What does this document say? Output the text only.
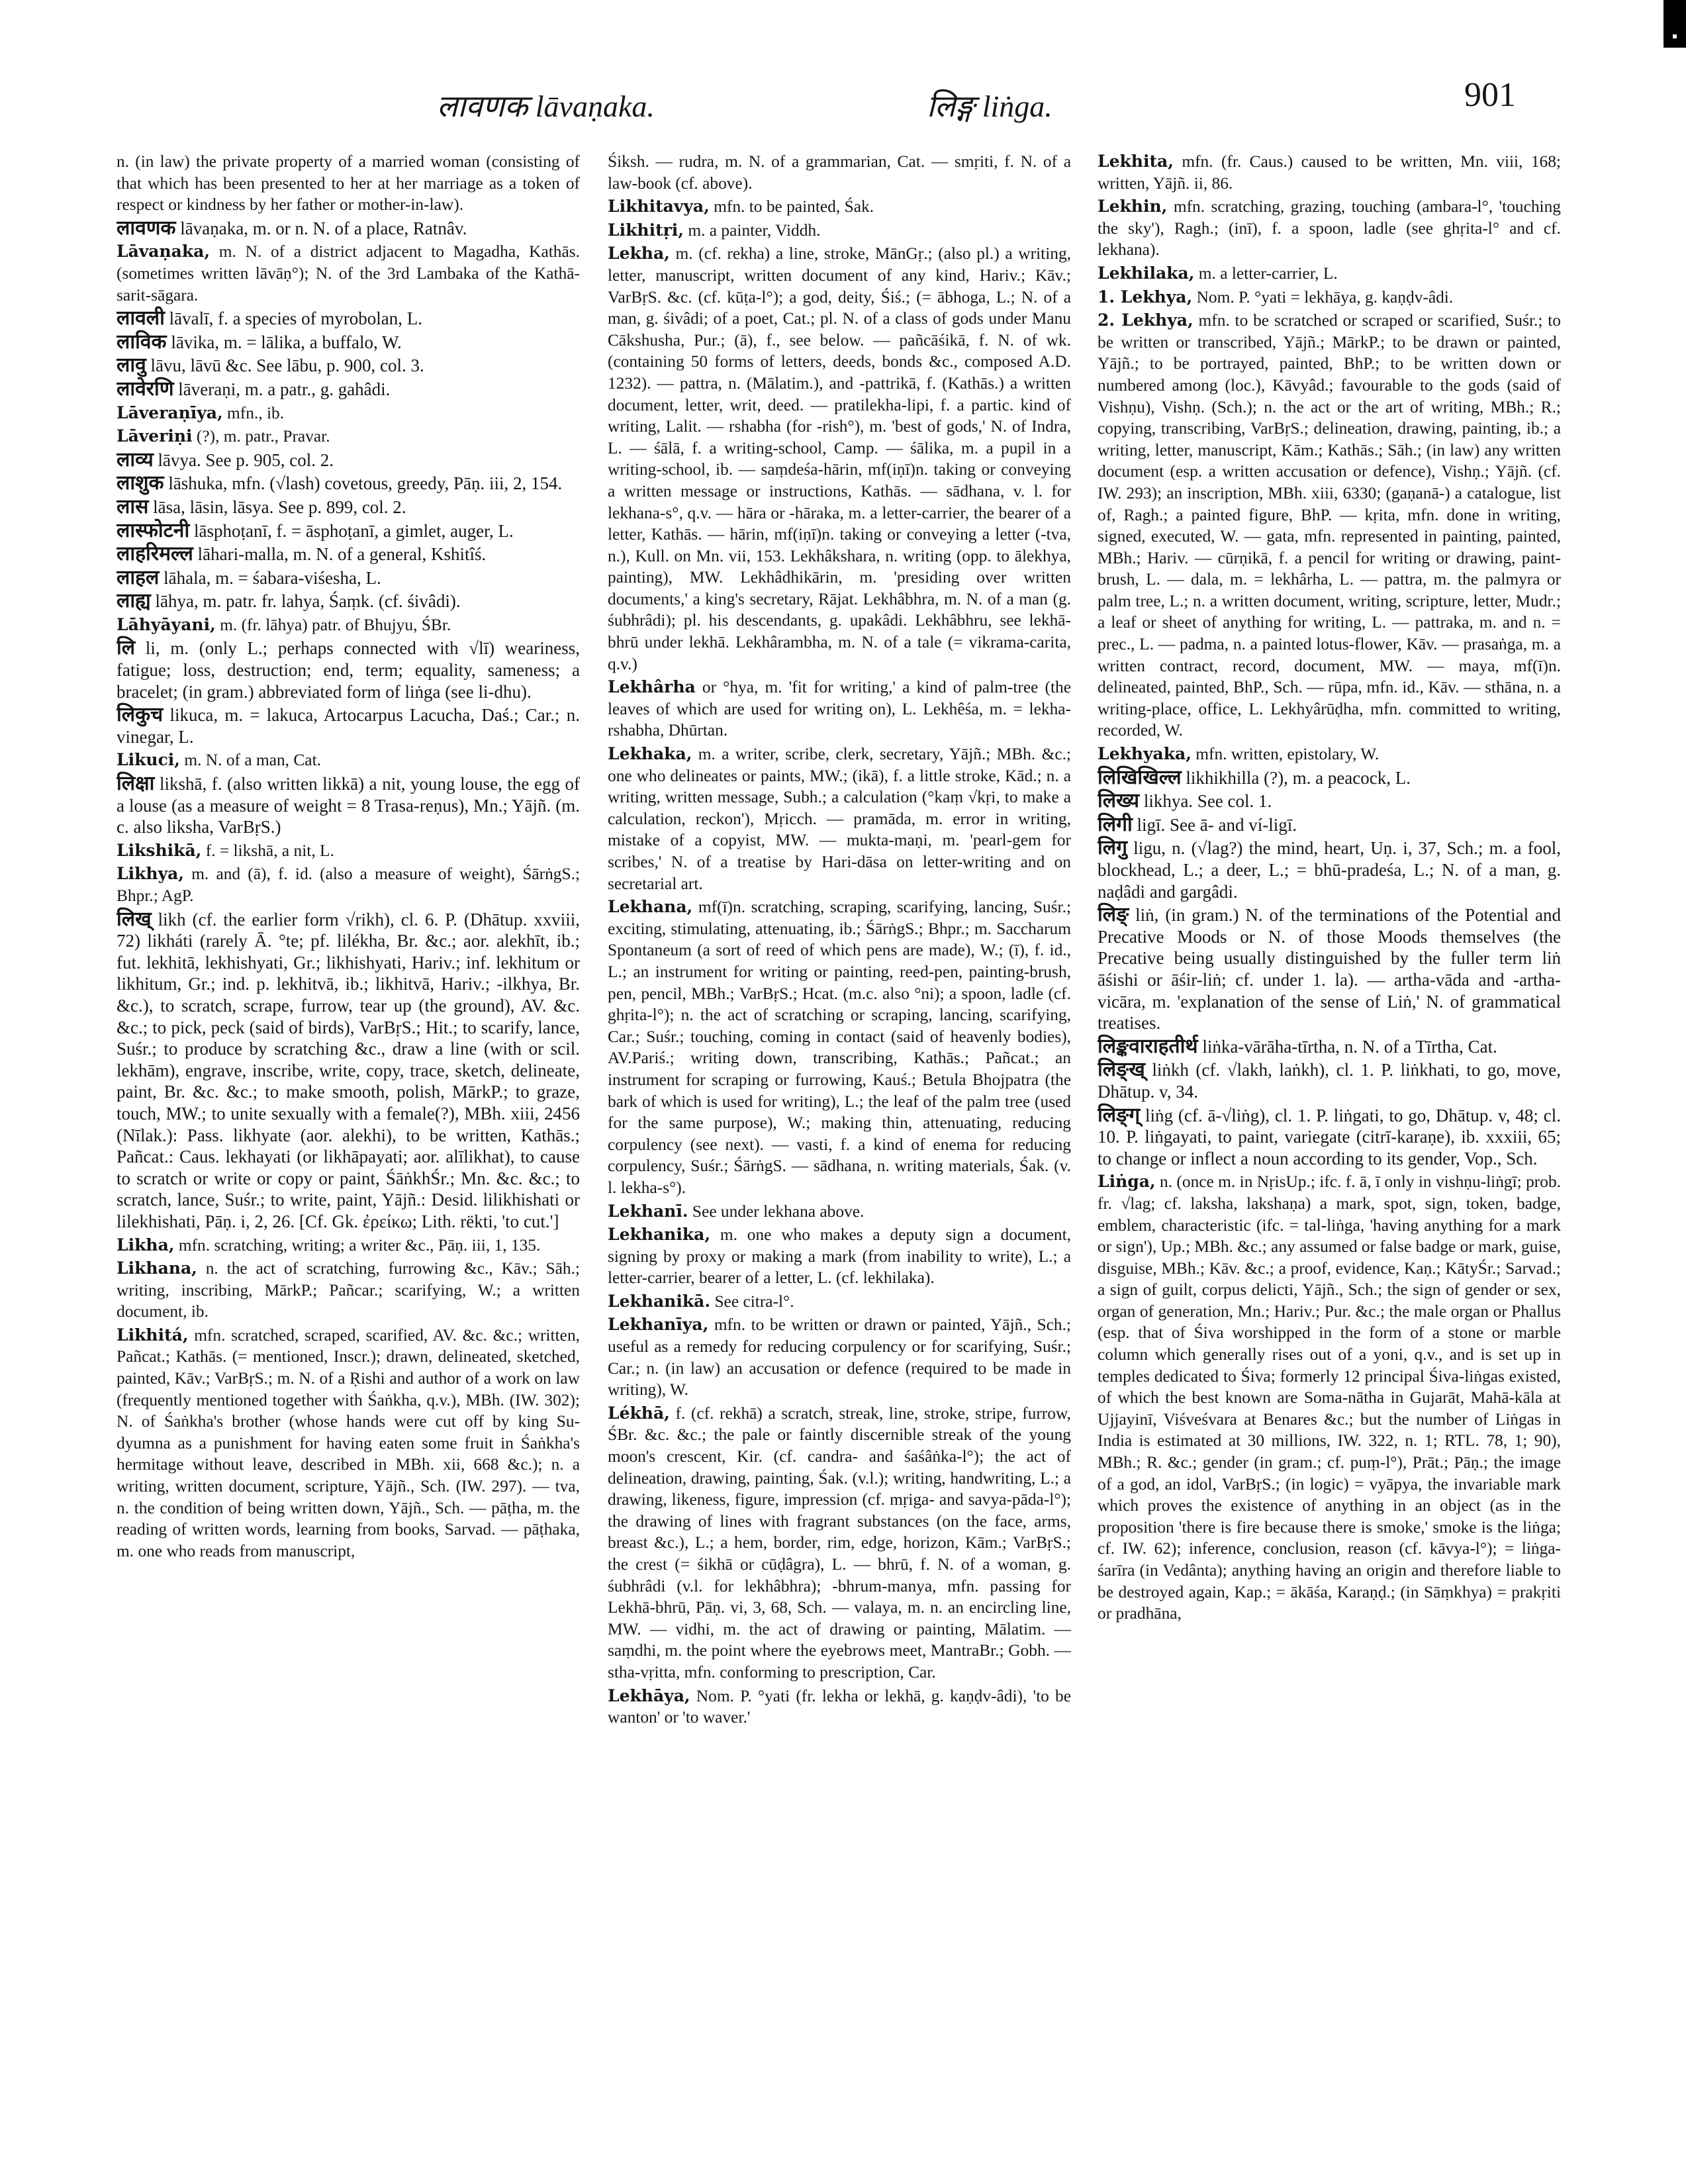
लावणक lāvaṇaka.	लिङ्ग liṅga.	901

n. (in law) the private property of a married woman (consisting of that which has been presented to her at her marriage as a token of respect or kindness by her father or mother-in-law).

लावणक lāvaṇaka, m. or n. N. of a place, Ratnâv.

Lāvaṇaka, m. N. of a district adjacent to Magadha, Kathās. (sometimes written lāvāṇ°); N. of the 3rd Lambaka of the Kathā-sarit-sāgara.

लावली lāvalī, f. a species of myrobolan, L.

लाविक lāvika, m. = lālika, a buffalo, W.

लावु lāvu, lāvū &c. See lābu, p. 900, col. 3.

लावेरणि lāveraṇi, m. a patr., g. gahâdi.

Lāveraṇīya, mfn., ib.

Lāveriṇi (?), m. patr., Pravar.

लाव्य lāvya. See p. 905, col. 2.

लाशुक lāshuka, mfn. (√lash) covetous, greedy, Pāṇ. iii, 2, 154.

लास lāsa, lāsin, lāsya. See p. 899, col. 2.

लास्फोटनी lāsphoṭanī, f. = āsphoṭanī, a gimlet, auger, L.

लाहरिमल्ल lāhari-malla, m. N. of a general, Kshitîś.

लाहल lāhala, m. = śabara-viśesha, L.

लाह्य lāhya, m. patr. fr. lahya, Śaṃk. (cf. śivâdi).

Lāhyāyani, m. (fr. lāhya) patr. of Bhujyu, ŚBr.

लि li, m. (only L.; perhaps connected with √lī) weariness, fatigue; loss, destruction; end, term; equality, sameness; a bracelet; (in gram.) abbreviated form of liṅga (see li-dhu).

लिकुच likuca, m. = lakuca, Artocarpus Lacucha, Daś.; Car.; n. vinegar, L.

Likuci, m. N. of a man, Cat.

लिक्षा likshā, f. (also written likkā) a nit, young louse, the egg of a louse (as a measure of weight = 8 Trasa-reṇus), Mn.; Yājñ. (m. c. also liksha, VarBṛS.)

Likshikā, f. = likshā, a nit, L.

Likhya, m. and (ā), f. id. (also a measure of weight), ŚārṅgS.; Bhpr.; AgP.

लिख् likh (cf. the earlier form √rikh), cl. 6. P. (Dhātup. xxviii, 72) likháti (rarely Ā. °te; pf. lilékha, Br. &c.; aor. alekhīt, ib.; fut. lekhitā, lekhishyati, Gr.; likhishyati, Hariv.; inf. lekhitum or likhitum, Gr.; ind. p. lekhitvā, ib.; likhitvā, Hariv.; -ilkhya, Br. &c.), to scratch, scrape, furrow, tear up (the ground), AV. &c. &c.; to pick, peck (said of birds), VarBṛS.; Hit.; to scarify, lance, Suśr.; to produce by scratching &c., draw a line (with or scil. lekhām), engrave, inscribe, write, copy, trace, sketch, delineate, paint, Br. &c. &c.; to make smooth, polish, MārkP.; to graze, touch, MW.; to unite sexually with a female(?), MBh. xiii, 2456 (Nīlak.): Pass. likhyate (aor. alekhi), to be written, Kathās.; Pañcat.: Caus. lekhayati (or likhāpayati; aor. alīlikhat), to cause to scratch or write or copy or paint, ŚāṅkhŚr.; Mn. &c. &c.; to scratch, lance, Suśr.; to write, paint, Yājñ.: Desid. lilikhishati or lilekhishati, Pāṇ. i, 2, 26. [Cf. Gk. ἐρείκω; Lith. rëkti, 'to cut.']

Likha, mfn. scratching, writing; a writer &c., Pāṇ. iii, 1, 135.

Likhana, n. the act of scratching, furrowing &c., Kāv.; Sāh.; writing, inscribing, MārkP.; Pañcar.; scarifying, W.; a written document, ib.

Likhitá, mfn. scratched, scraped, scarified, AV. &c. &c.; written, Pañcat.; Kathās. (= mentioned, Inscr.); drawn, delineated, sketched, painted, Kāv.; VarBṛS.; m. N. of a Ṛishi and author of a work on law (frequently mentioned together with Śaṅkha, q.v.), MBh. (IW. 302); N. of Śaṅkha's brother (whose hands were cut off by king Su-dyumna as a punishment for having eaten some fruit in Śaṅkha's hermitage without leave, described in MBh. xii, 668 &c.); n. a writing, written document, scripture, Yājñ., Sch. (IW. 297). — tva, n. the condition of being written down, Yājñ., Sch. — pāṭha, m. the reading of written words, learning from books, Sarvad. — pāṭhaka, m. one who reads from manuscript,

Śiksh. — rudra, m. N. of a grammarian, Cat. — smṛiti, f. N. of a law-book (cf. above).

Likhitavya, mfn. to be painted, Śak.

Likhitṛi, m. a painter, Viddh.

Lekha, m. (cf. rekha) a line, stroke, MānGṛ.; (also pl.) a writing, letter, manuscript, written document of any kind, Hariv.; Kāv.; VarBṛS. &c. (cf. kūṭa-l°); a god, deity, Śiś.; (= ābhoga, L.; N. of a man, g. śivâdi; of a poet, Cat.; pl. N. of a class of gods under Manu Cākshusha, Pur.; (ā), f., see below. — pañcāśikā, f. N. of wk. (containing 50 forms of letters, deeds, bonds &c., composed A.D. 1232). — pattra, n. (Mālatim.), and -pattrikā, f. (Kathās.) a written document, letter, writ, deed. — pratilekha-lipi, f. a partic. kind of writing, Lalit. — rshabha (for -rish°), m. 'best of gods,' N. of Indra, L. — śālā, f. a writing-school, Camp. — śālika, m. a pupil in a writing-school, ib. — saṃdeśa-hārin, mf(iṇī)n. taking or conveying a written message or instructions, Kathās. — sādhana, v. l. for lekhana-s°, q.v. — hāra or -hāraka, m. a letter-carrier, the bearer of a letter, Kathās. — hārin, mf(iṇī)n. taking or conveying a letter (-tva, n.), Kull. on Mn. vii, 153. Lekhâkshara, n. writing (opp. to ālekhya, painting), MW. Lekhâdhikārin, m. 'presiding over written documents,' a king's secretary, Rājat. Lekhâbhra, m. N. of a man (g. śubhrâdi); pl. his descendants, g. upakâdi. Lekhâbhru, see lekhā-bhrū under lekhā. Lekhârambha, m. N. of a tale (= vikrama-carita, q.v.)

Lekhârha or °hya, m. 'fit for writing,' a kind of palm-tree (the leaves of which are used for writing on), L. Lekhêśa, m. = lekha-rshabha, Dhūrtan.

Lekhaka, m. a writer, scribe, clerk, secretary, Yājñ.; MBh. &c.; one who delineates or paints, MW.; (ikā), f. a little stroke, Kād.; n. a writing, written message, Subh.; a calculation (°kaṃ √kṛi, to make a calculation, reckon'), Mṛicch. — pramāda, m. error in writing, mistake of a copyist, MW. — mukta-maṇi, m. 'pearl-gem for scribes,' N. of a treatise by Hari-dāsa on letter-writing and on secretarial art.

Lekhana, mf(ī)n. scratching, scraping, scarifying, lancing, Suśr.; exciting, stimulating, attenuating, ib.; ŚārṅgS.; Bhpr.; m. Saccharum Spontaneum (a sort of reed of which pens are made), W.; (ī), f. id., L.; an instrument for writing or painting, reed-pen, painting-brush, pen, pencil, MBh.; VarBṛS.; Hcat. (m.c. also °ni); a spoon, ladle (cf. ghṛita-l°); n. the act of scratching or scraping, lancing, scarifying, Car.; Suśr.; touching, coming in contact (said of heavenly bodies), AV.Pariś.; writing down, transcribing, Kathās.; Pañcat.; an instrument for scraping or furrowing, Kauś.; Betula Bhojpatra (the bark of which is used for writing), L.; the leaf of the palm tree (used for the same purpose), W.; making thin, attenuating, reducing corpulency (see next). — vasti, f. a kind of enema for reducing corpulency, Suśr.; ŚārṅgS. — sādhana, n. writing materials, Śak. (v. l. lekha-s°).

Lekhanī. See under lekhana above.

Lekhanika, m. one who makes a deputy sign a document, signing by proxy or making a mark (from inability to write), L.; a letter-carrier, bearer of a letter, L. (cf. lekhilaka).

Lekhanikā. See citra-l°.

Lekhanīya, mfn. to be written or drawn or painted, Yājñ., Sch.; useful as a remedy for reducing corpulency or for scarifying, Suśr.; Car.; n. (in law) an accusation or defence (required to be made in writing), W.

Lékhā, f. (cf. rekhā) a scratch, streak, line, stroke, stripe, furrow, ŚBr. &c. &c.; the pale or faintly discernible streak of the young moon's crescent, Kir. (cf. candra- and śaśâṅka-l°); the act of delineation, drawing, painting, Śak. (v.l.); writing, handwriting, L.; a drawing, likeness, figure, impression (cf. mṛiga- and savya-pāda-l°); the drawing of lines with fragrant substances (on the face, arms, breast &c.), L.; a hem, border, rim, edge, horizon, Kām.; VarBṛS.; the crest (= śikhā or cūḍâgra), L. — bhrū, f. N. of a woman, g. śubhrâdi (v.l. for lekhâbhra); -bhrum-manya, mfn. passing for Lekhā-bhrū, Pāṇ. vi, 3, 68, Sch. — valaya, m. n. an encircling line, MW. — vidhi, m. the act of drawing or painting, Mālatim. — saṃdhi, m. the point where the eyebrows meet, MantraBr.; Gobh. — stha-vṛitta, mfn. conforming to prescription, Car.

Lekhāya, Nom. P. °yati (fr. lekha or lekhā, g. kaṇḍv-âdi), 'to be wanton' or 'to waver.'

Lekhita, mfn. (fr. Caus.) caused to be written, Mn. viii, 168; written, Yājñ. ii, 86.

Lekhin, mfn. scratching, grazing, touching (ambara-l°, 'touching the sky'), Ragh.; (inī), f. a spoon, ladle (see ghṛita-l° and cf. lekhana).

Lekhilaka, m. a letter-carrier, L.

1. Lekhya, Nom. P. °yati = lekhāya, g. kaṇḍv-âdi.

2. Lekhya, mfn. to be scratched or scraped or scarified, Suśr.; to be written or transcribed, Yājñ.; MārkP.; to be drawn or painted, Yājñ.; to be portrayed, painted, BhP.; to be written down or numbered among (loc.), Kāvyâd.; favourable to the gods (said of Vishṇu), Vishṇ. (Sch.); n. the act or the art of writing, MBh.; R.; copying, transcribing, VarBṛS.; delineation, drawing, painting, ib.; a writing, letter, manuscript, Kām.; Kathās.; Sāh.; (in law) any written document (esp. a written accusation or defence), Vishṇ.; Yājñ. (cf. IW. 293); an inscription, MBh. xiii, 6330; (gaṇanā-) a catalogue, list of, Ragh.; a painted figure, BhP. — kṛita, mfn. done in writing, signed, executed, W. — gata, mfn. represented in painting, painted, MBh.; Hariv. — cūrṇikā, f. a pencil for writing or drawing, paint-brush, L. — dala, m. = lekhârha, L. — pattra, m. the palmyra or palm tree, L.; n. a written document, writing, scripture, letter, Mudr.; a leaf or sheet of anything for writing, L. — pattraka, m. and n. = prec., L. — padma, n. a painted lotus-flower, Kāv. — prasaṅga, m. a written contract, record, document, MW. — maya, mf(ī)n. delineated, painted, BhP., Sch. — rūpa, mfn. id., Kāv. — sthāna, n. a writing-place, office, L. Lekhyârūḍha, mfn. committed to writing, recorded, W.

Lekhyaka, mfn. written, epistolary, W.

लिखिखिल्ल likhikhilla (?), m. a peacock, L.

लिख्य likhya. See col. 1.

लिगी ligī. See ā- and ví-ligī.

लिगु ligu, n. (√lag?) the mind, heart, Uṇ. i, 37, Sch.; m. a fool, blockhead, L.; a deer, L.; = bhū-pradeśa, L.; N. of a man, g. naḍâdi and gargâdi.

लिङ् liṅ, (in gram.) N. of the terminations of the Potential and Precative Moods or N. of those Moods themselves (the Precative being usually distinguished by the fuller term liṅ āśishi or āśir-liṅ; cf. under 1. la). — artha-vāda and -artha-vicāra, m. 'explanation of the sense of Liṅ,' N. of grammatical treatises.

लिङ्कवाराहतीर्थ liṅka-vārāha-tīrtha, n. N. of a Tīrtha, Cat.

लिङ्ख् liṅkh (cf. √lakh, laṅkh), cl. 1. P. liṅkhati, to go, move, Dhātup. v, 34.

लिङ्ग् liṅg (cf. ā-√liṅg), cl. 1. P. liṅgati, to go, Dhātup. v, 48; cl. 10. P. liṅgayati, to paint, variegate (citrī-karaṇe), ib. xxxiii, 65; to change or inflect a noun according to its gender, Vop., Sch.

Liṅga, n. (once m. in NṛisUp.; ifc. f. ā, ī only in vishṇu-liṅgī; prob. fr. √lag; cf. laksha, lakshaṇa) a mark, spot, sign, token, badge, emblem, characteristic (ifc. = tal-liṅga, 'having anything for a mark or sign'), Up.; MBh. &c.; any assumed or false badge or mark, guise, disguise, MBh.; Kāv. &c.; a proof, evidence, Kaṇ.; KātyŚr.; Sarvad.; a sign of guilt, corpus delicti, Yājñ., Sch.; the sign of gender or sex, organ of generation, Mn.; Hariv.; Pur. &c.; the male organ or Phallus (esp. that of Śiva worshipped in the form of a stone or marble column which generally rises out of a yoni, q.v., and is set up in temples dedicated to Śiva; formerly 12 principal Śiva-liṅgas existed, of which the best known are Soma-nātha in Gujarāt, Mahā-kāla at Ujjayinī, Viśveśvara at Benares &c.; but the number of Liṅgas in India is estimated at 30 millions, IW. 322, n. 1; RTL. 78, 1; 90), MBh.; R. &c.; gender (in gram.; cf. puṃ-l°), Prāt.; Pāṇ.; the image of a god, an idol, VarBṛS.; (in logic) = vyāpya, the invariable mark which proves the existence of anything in an object (as in the proposition 'there is fire because there is smoke,' smoke is the liṅga; cf. IW. 62); inference, conclusion, reason (cf. kāvya-l°); = liṅga-śarīra (in Vedânta); anything having an origin and therefore liable to be destroyed again, Kap.; = ākāśa, Karaṇḍ.; (in Sāṃkhya) = prakṛiti or pradhāna,
